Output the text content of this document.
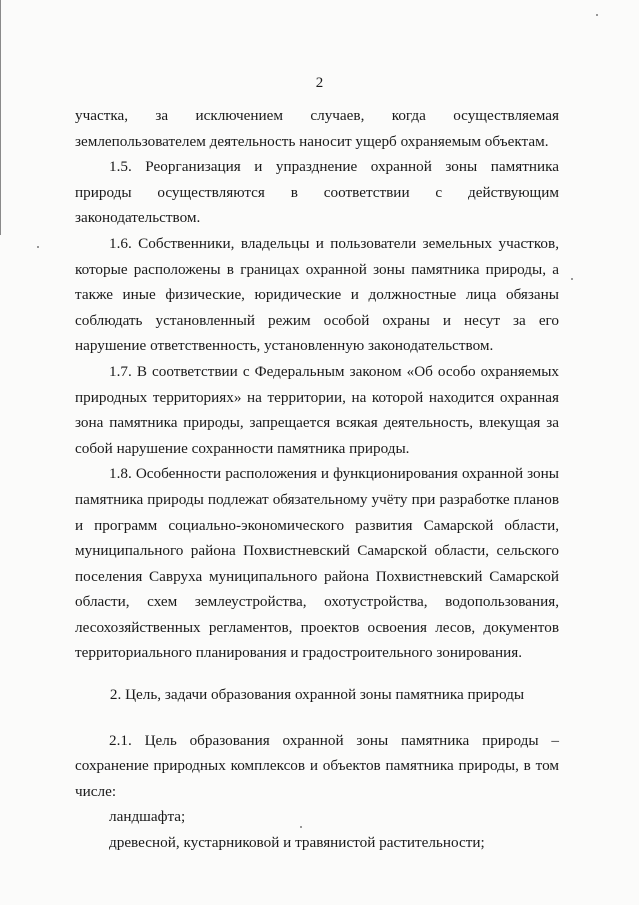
2

участка, за исключением случаев, когда осуществляемая землепользователем деятельность наносит ущерб охраняемым объектам.

1.5. Реорганизация и упразднение охранной зоны памятника природы осуществляются в соответствии с действующим законодательством.

1.6. Собственники, владельцы и пользователи земельных участков, которые расположены в границах охранной зоны памятника природы, а также иные физические, юридические и должностные лица обязаны соблюдать установленный режим особой охраны и несут за его нарушение ответственность, установленную законодательством.

1.7. В соответствии с Федеральным законом «Об особо охраняемых природных территориях» на территории, на которой находится охранная зона памятника природы, запрещается всякая деятельность, влекущая за собой нарушение сохранности памятника природы.

1.8. Особенности расположения и функционирования охранной зоны памятника природы подлежат обязательному учёту при разработке планов и программ социально-экономического развития Самарской области, муниципального района Похвистневский Самарской области, сельского поселения Савруха муниципального района Похвистневский Самарской области, схем землеустройства, охотустройства, водопользования, лесохозяйственных регламентов, проектов освоения лесов, документов территориального планирования и градостроительного зонирования.

2. Цель, задачи образования охранной зоны памятника природы

2.1. Цель образования охранной зоны памятника природы – сохранение природных комплексов и объектов памятника природы, в том числе:

ландшафта;

древесной, кустарниковой и травянистой растительности;
